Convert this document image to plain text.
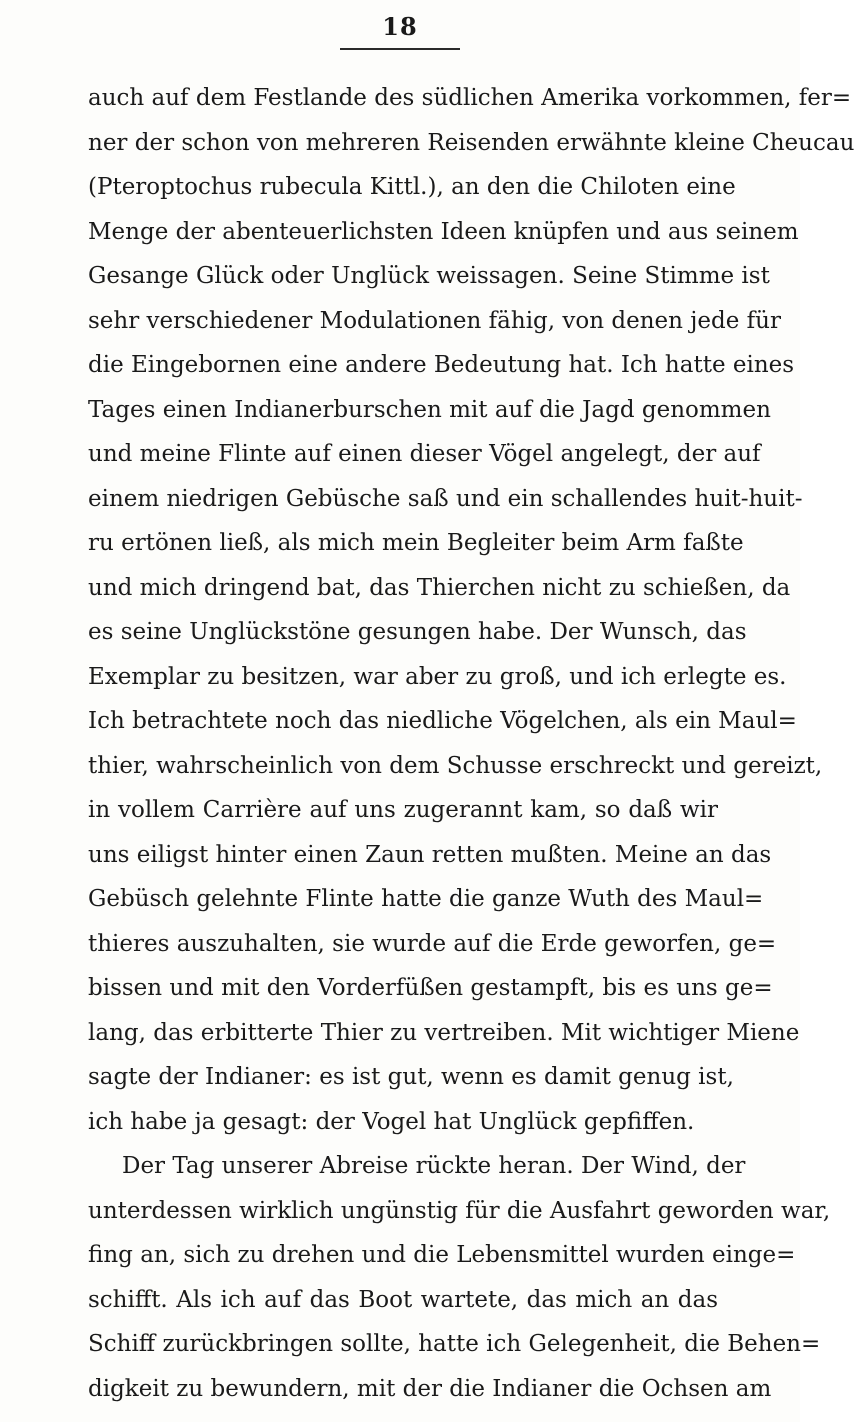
18
auch auf dem Festlande des südlichen Amerika vorkommen, fer=
ner der schon von mehreren Reisenden erwähnte kleine Cheucau
(Pteroptochus rubecula Kittl.), an den die Chiloten eine
Menge der abenteuerlichsten Ideen knüpfen und aus seinem
Gesange Glück oder Unglück weissagen. Seine Stimme ist
sehr verschiedener Modulationen fähig, von denen jede für
die Eingebornen eine andere Bedeutung hat. Ich hatte eines
Tages einen Indianerburschen mit auf die Jagd genommen
und meine Flinte auf einen dieser Vögel angelegt, der auf
einem niedrigen Gebüsche saß und ein schallendes huit-huit-
ru ertönen ließ, als mich mein Begleiter beim Arm faßte
und mich dringend bat, das Thierchen nicht zu schießen, da
es seine Unglückstöne gesungen habe. Der Wunsch, das
Exemplar zu besitzen, war aber zu groß, und ich erlegte es.
Ich betrachtete noch das niedliche Vögelchen, als ein Maul=
thier, wahrscheinlich von dem Schusse erschreckt und gereizt,
in vollem Carrière auf uns zugerannt kam, so daß wir
uns eiligst hinter einen Zaun retten mußten. Meine an das
Gebüsch gelehnte Flinte hatte die ganze Wuth des Maul=
thieres auszuhalten, sie wurde auf die Erde geworfen, ge=
bissen und mit den Vorderfüßen gestampft, bis es uns ge=
lang, das erbitterte Thier zu vertreiben. Mit wichtiger Miene
sagte der Indianer: es ist gut, wenn es damit genug ist,
ich habe ja gesagt: der Vogel hat Unglück gepfiffen.
Der Tag unserer Abreise rückte heran. Der Wind, der
unterdessen wirklich ungünstig für die Ausfahrt geworden war,
fing an, sich zu drehen und die Lebensmittel wurden einge=
schifft. Als ich auf das Boot wartete, das mich an das
Schiff zurückbringen sollte, hatte ich Gelegenheit, die Behen=
digkeit zu bewundern, mit der die Indianer die Ochsen am
